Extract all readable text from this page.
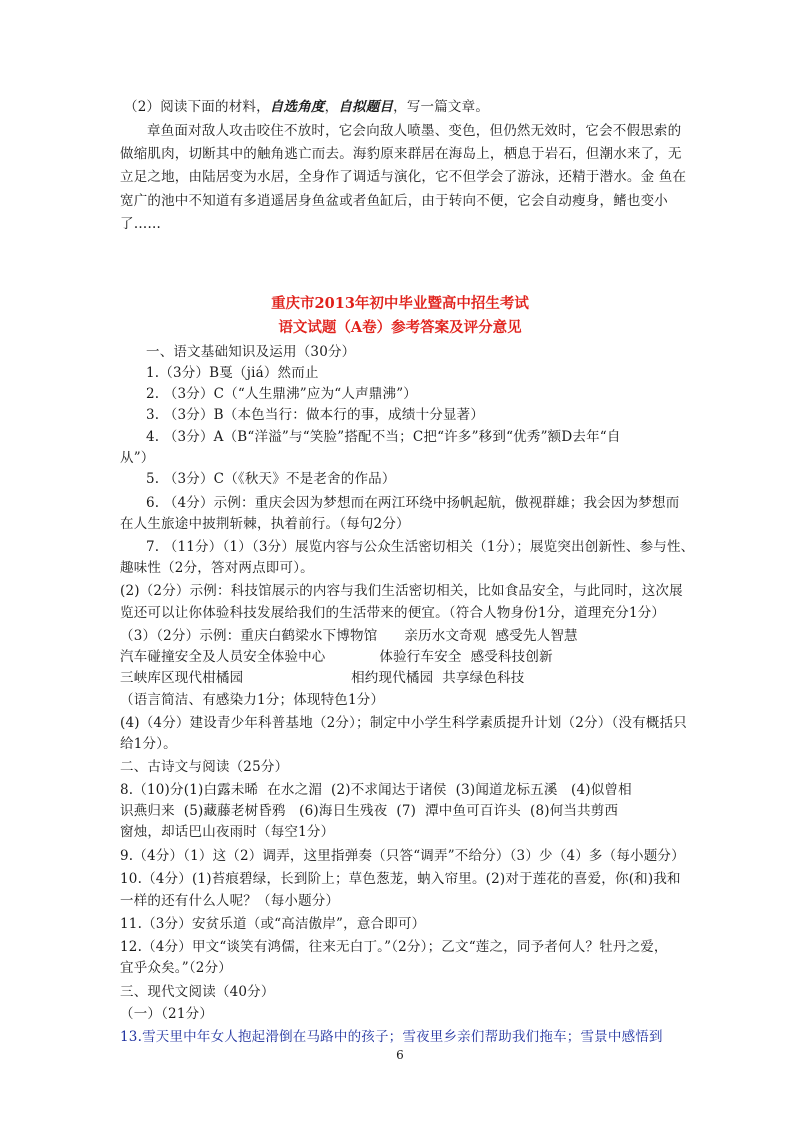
（2）阅读下面的材料，自选角度，自拟题目，写一篇文章。
章鱼面对敌人攻击咬住不放时，它会向敌人喷墨、变色，但仍然无效时，它会不假思索的
做缩肌肉，切断其中的触角逃亡而去。海豹原来群居在海岛上，栖息于岩石，但潮水来了，无
立足之地，由陆居变为水居，全身作了调适与演化，它不但学会了游泳，还精于潜水。金 鱼在
宽广的池中不知道有多逍遥居身鱼盆或者鱼缸后，由于转向不便，它会自动瘦身，鳍也变小
了……
重庆市2013年初中毕业暨高中招生考试
语文试题（A卷）参考答案及评分意见
一、语文基础知识及运用（30分）
1.（3分）B戛（jiá）然而止
2. （3分）C（“人生鼎沸”应为“人声鼎沸”）
3. （3分）B（本色当行：做本行的事，成绩十分显著）
4. （3分）A（B“洋溢”与“笑脸”搭配不当；C把“许多”移到“优秀”额D去年“自
从”）
5. （3分）C（《秋天》不是老舍的作品）
6. （4分）示例：重庆会因为梦想而在两江环绕中扬帆起航，傲视群雄；我会因为梦想而
在人生旅途中披荆斩棘，执着前行。（每句2分）
7. （11分）（1）（3分）展览内容与公众生活密切相关（1分）；展览突出创新性、参与性、
趣味性（2分，答对两点即可）。
(2)（2分）示例：科技馆展示的内容与我们生活密切相关，比如食品安全，与此同时，这次展
览还可以让你体验科技发展给我们的生活带来的便宜。（符合人物身份1分，道理充分1分）
（3）（2分）示例：重庆白鹤梁水下博物馆      亲历水文奇观  感受先人智慧
汽车碰撞安全及人员安全体验中心            体验行车安全  感受科技创新
三峡库区现代柑橘园                        相约现代橘园  共享绿色科技
（语言简洁、有感染力1分；体现特色1分）
(4)（4分）建设青少年科普基地（2分）；制定中小学生科学素质提升计划（2分）（没有概括只
给1分）。
二、古诗文与阅读（25分）
8.（10)分(1)白露未晞  在水之湄  (2)不求闻达于诸侯  (3)闻道龙标五溪   (4)似曾相
识燕归来  (5)藏藤老树昏鸦   (6)海日生残夜  (7)  潭中鱼可百许头  (8)何当共剪西
窗烛，却话巴山夜雨时（每空1分）
9.（4分）（1）这（2）调弄，这里指弹奏（只答“调弄”不给分）（3）少（4）多（每小题分）
10.（4分）(1)苔痕碧绿，长到阶上；草色葱茏，蚋入帘里。(2)对于莲花的喜爱，你(和)我和
一样的还有什么人呢？（每小题分）
11.（3分）安贫乐道（或“高洁傲岸”，意合即可）
12.（4分）甲文“谈笑有鸿儒，往来无白丁。”（2分）；乙文“莲之，同予者何人？牡丹之爱，
宜乎众矣。”（2分）
三、现代文阅读（40分）
（一）（21分）
13.雪天里中年女人抱起滑倒在马路中的孩子；雪夜里乡亲们帮助我们拖车；雪景中感悟到
6
